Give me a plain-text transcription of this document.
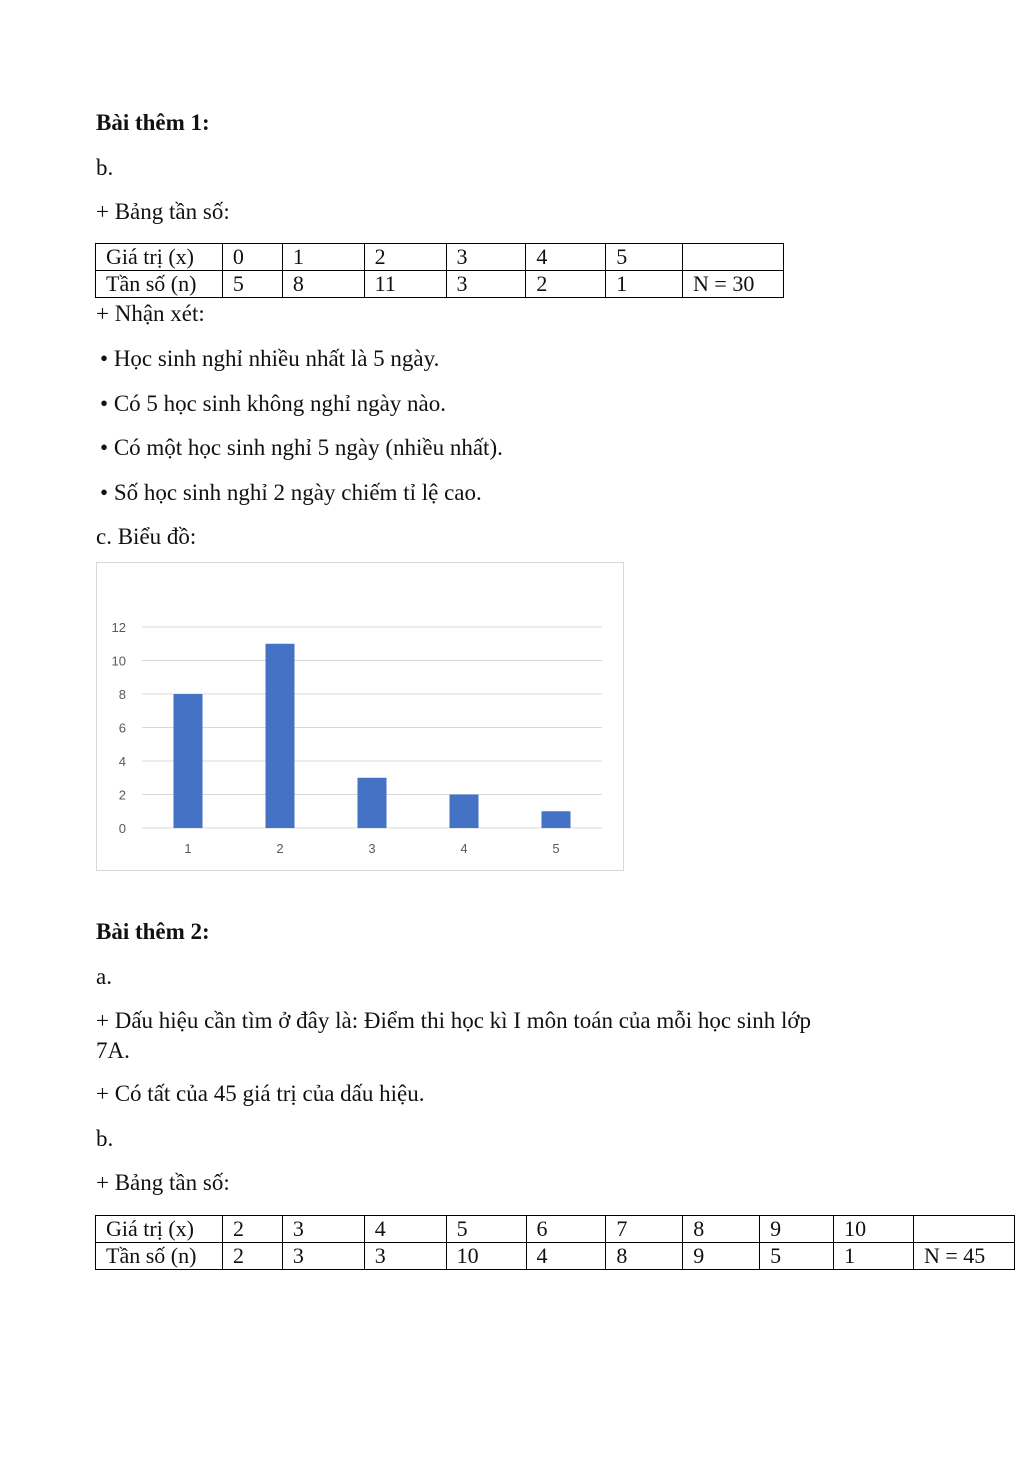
Bài thêm 1:
b.
+ Bảng tần số:
Giá trị (x)	0	1	2	3	4	5	
Tần số (n)	5	8	11	3	2	1	N = 30
+ Nhận xét:
• Học sinh nghỉ nhiều nhất là 5 ngày.
• Có 5 học sinh không nghỉ ngày nào.
• Có một học sinh nghỉ 5 ngày (nhiều nhất).
• Số học sinh nghỉ 2 ngày chiếm tỉ lệ cao.
c. Biểu đồ:
0
2
4
6
8
10
12
1	2	3	4	5
Bài thêm 2:
a.
+ Dấu hiệu cần tìm ở đây là: Điểm thi học kì I môn toán của mỗi học sinh lớp
7A.
+ Có tất của 45 giá trị của dấu hiệu.
b.
+ Bảng tần số:
Giá trị (x)	2	3	4	5	6	7	8	9	10	
Tần số (n)	2	3	3	10	4	8	9	5	1	N = 45
